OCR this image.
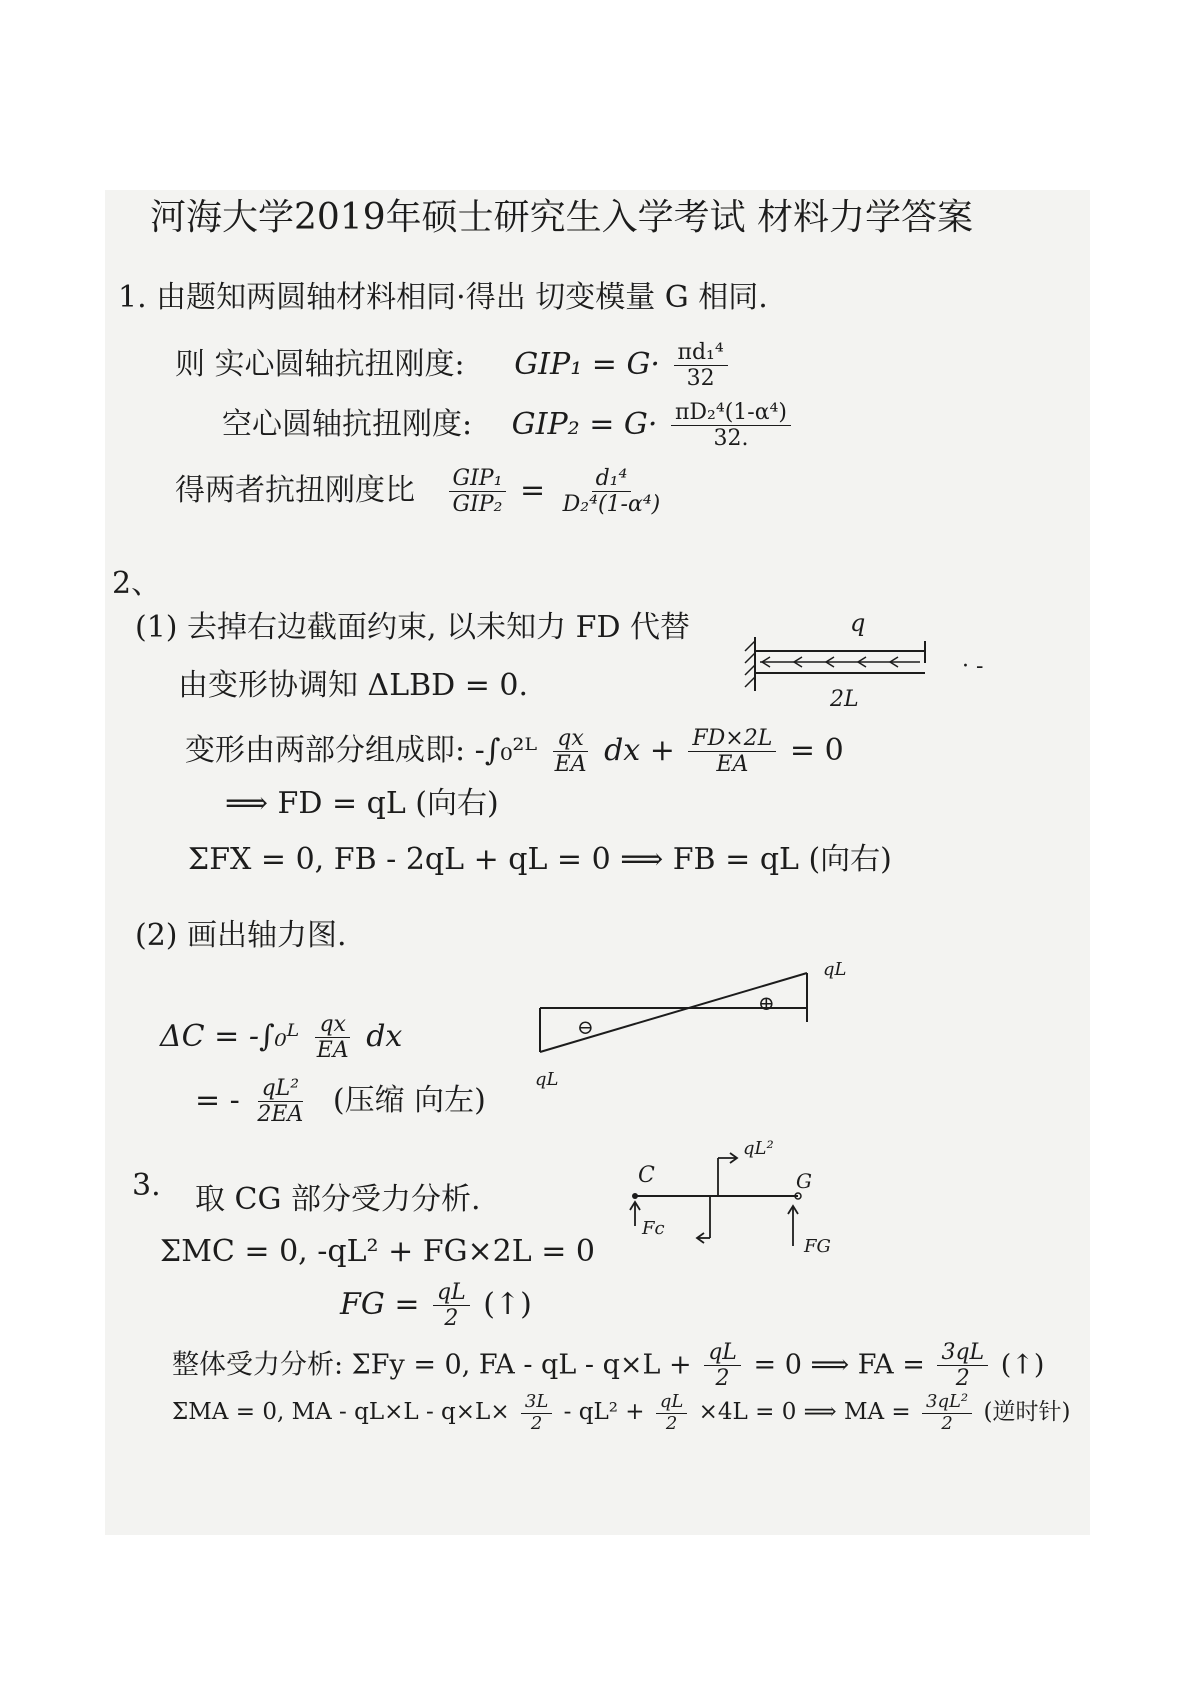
河海大学2019年硕士研究生入学考试 材料力学答案
1. 由题知两圆轴材料相同·得出 切变模量 G 相同.
则 实心圆轴抗扭刚度: $GIP_1 = G\cdot \frac{\text{πd₁⁴}}{32}$
空心圆轴抗扭刚度: $GIP_2 = G\cdot \frac{\text{πD₂⁴(1-α⁴)}}{32.}$
得两者抗扭刚度比 $\frac{\text{GIP₁}}{\text{GIP₂}} = \frac{\text{d₁⁴}}{\text{D₂⁴(1-α⁴)}}$
2、
(1) 去掉右边截面约束, 以未知力 FD 代替
由变形协调知 ΔLBD = 0.
变形由两部分组成即: -∫₀²ᴸ $\frac{qx}{EA}$ dx + $\frac{FD\times 2L}{EA} = 0$
⟹ FD = qL (向右)
ΣFX = 0, FB - 2qL + qL = 0 ⟹ FB = qL (向右)
(2) 画出轴力图.
ΔC = -∫₀ᴸ $\frac{qx}{EA}$ dx
= - $\frac{\text{qL²}}{2EA}$ (压缩 向左)
q
2L
· -
⊖
⊕
qL
qL
3. 取 CG 部分受力分析.
ΣMC = 0, -qL² + FG×2L = 0
FG = $\frac{qL}{2}$ (↑)
整体受力分析: ΣFy = 0, FA - qL - $q\times L + \frac{qL}{2} = 0$ ⟹ FA = $\frac{3qL}{2}$ (↑)
ΣMA = 0, MA - $qL\times L - q\times L\times \frac{3L}{2} - qL^2 + \frac{qL}{2} \times 4L = 0$ ⟹ MA = $\frac{\text{3qL²}}{2}$ (逆时针)
C	G
qL²
Fc
FG
